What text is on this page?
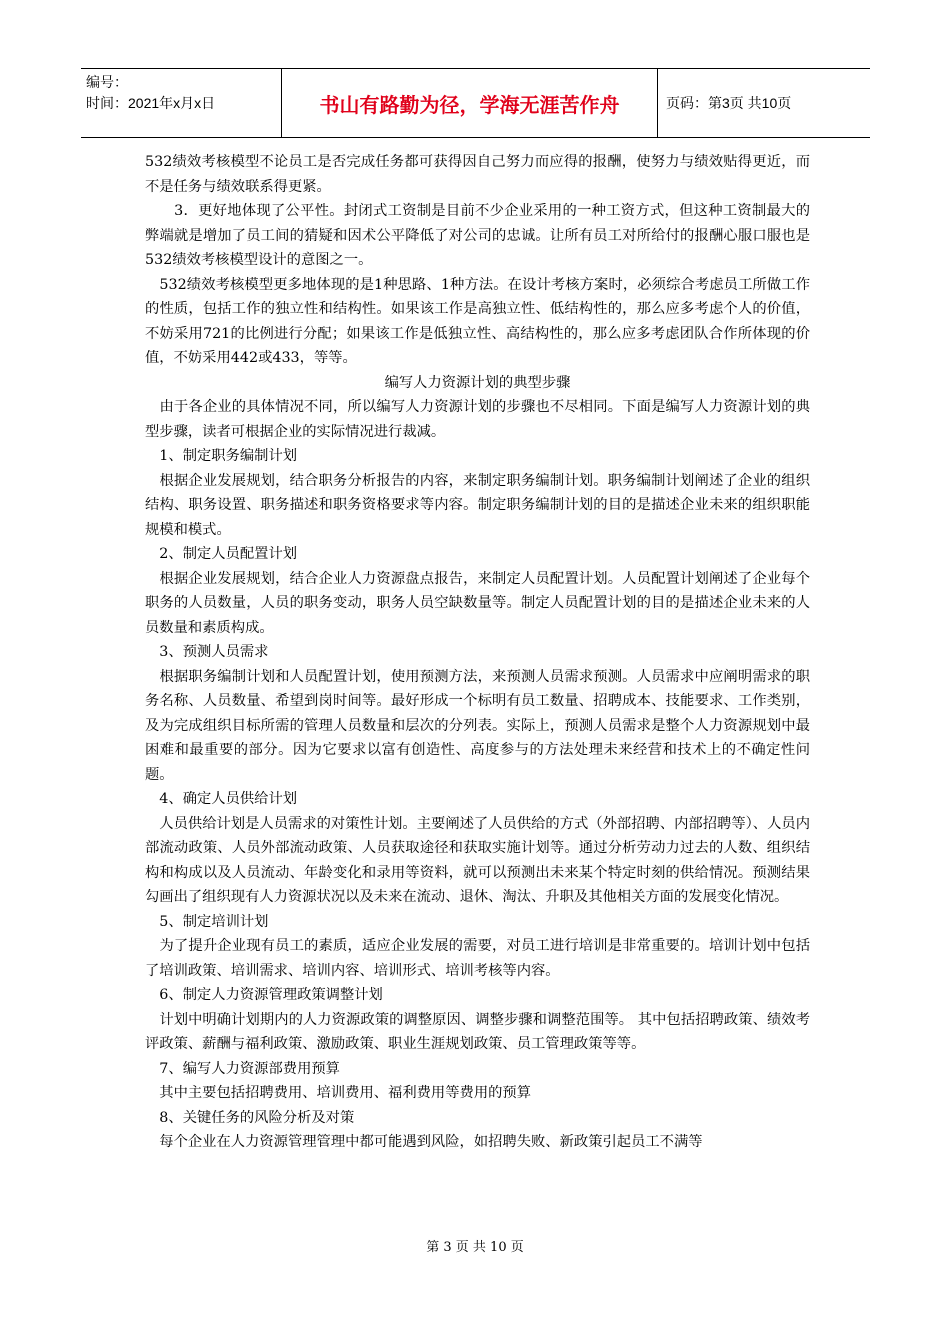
编号：
时间：2021年x月x日	书山有路勤为径，学海无涯苦作舟	页码：第3页 共10页

532绩效考核模型不论员工是否完成任务都可获得因自己努力而应得的报酬，使努力与绩效贴得更近，而不是任务与绩效联系得更紧。

　　3．更好地体现了公平性。封闭式工资制是目前不少企业采用的一种工资方式，但这种工资制最大的弊端就是增加了员工间的猜疑和因术公平降低了对公司的忠诚。让所有员工对所给付的报酬心服口服也是532绩效考核模型设计的意图之一。

　532绩效考核模型更多地体现的是1种思路、1种方法。在设计考核方案时，必须综合考虑员工所做工作的性质，包括工作的独立性和结构性。如果该工作是高独立性、低结构性的，那么应多考虑个人的价值，不妨采用721的比例进行分配；如果该工作是低独立性、高结构性的，那么应多考虑团队合作所体现的价值，不妨采用442或433，等等。

编写人力资源计划的典型步骤

　由于各企业的具体情况不同，所以编写人力资源计划的步骤也不尽相同。下面是编写人力资源计划的典型步骤，读者可根据企业的实际情况进行裁减。

　1、制定职务编制计划

　根据企业发展规划，结合职务分析报告的内容，来制定职务编制计划。职务编制计划阐述了企业的组织结构、职务设置、职务描述和职务资格要求等内容。制定职务编制计划的目的是描述企业未来的组织职能规模和模式。

　2、制定人员配置计划

　根据企业发展规划，结合企业人力资源盘点报告，来制定人员配置计划。人员配置计划阐述了企业每个职务的人员数量，人员的职务变动，职务人员空缺数量等。制定人员配置计划的目的是描述企业未来的人员数量和素质构成。

　3、预测人员需求

　根据职务编制计划和人员配置计划，使用预测方法，来预测人员需求预测。人员需求中应阐明需求的职务名称、人员数量、希望到岗时间等。最好形成一个标明有员工数量、招聘成本、技能要求、工作类别，及为完成组织目标所需的管理人员数量和层次的分列表。实际上，预测人员需求是整个人力资源规划中最困难和最重要的部分。因为它要求以富有创造性、高度参与的方法处理未来经营和技术上的不确定性问题。

　4、确定人员供给计划

　人员供给计划是人员需求的对策性计划。主要阐述了人员供给的方式（外部招聘、内部招聘等）、人员内部流动政策、人员外部流动政策、人员获取途径和获取实施计划等。通过分析劳动力过去的人数、组织结构和构成以及人员流动、年龄变化和录用等资料，就可以预测出未来某个特定时刻的供给情况。预测结果勾画出了组织现有人力资源状况以及未来在流动、退休、淘汰、升职及其他相关方面的发展变化情况。

　5、制定培训计划

　为了提升企业现有员工的素质，适应企业发展的需要，对员工进行培训是非常重要的。培训计划中包括了培训政策、培训需求、培训内容、培训形式、培训考核等内容。

　6、制定人力资源管理政策调整计划

　计划中明确计划期内的人力资源政策的调整原因、调整步骤和调整范围等。 其中包括招聘政策、绩效考评政策、薪酬与福利政策、激励政策、职业生涯规划政策、员工管理政策等等。

　7、编写人力资源部费用预算

　其中主要包括招聘费用、培训费用、福利费用等费用的预算

　8、关键任务的风险分析及对策

　每个企业在人力资源管理管理中都可能遇到风险，如招聘失败、新政策引起员工不满等

第 3 页 共 10 页
